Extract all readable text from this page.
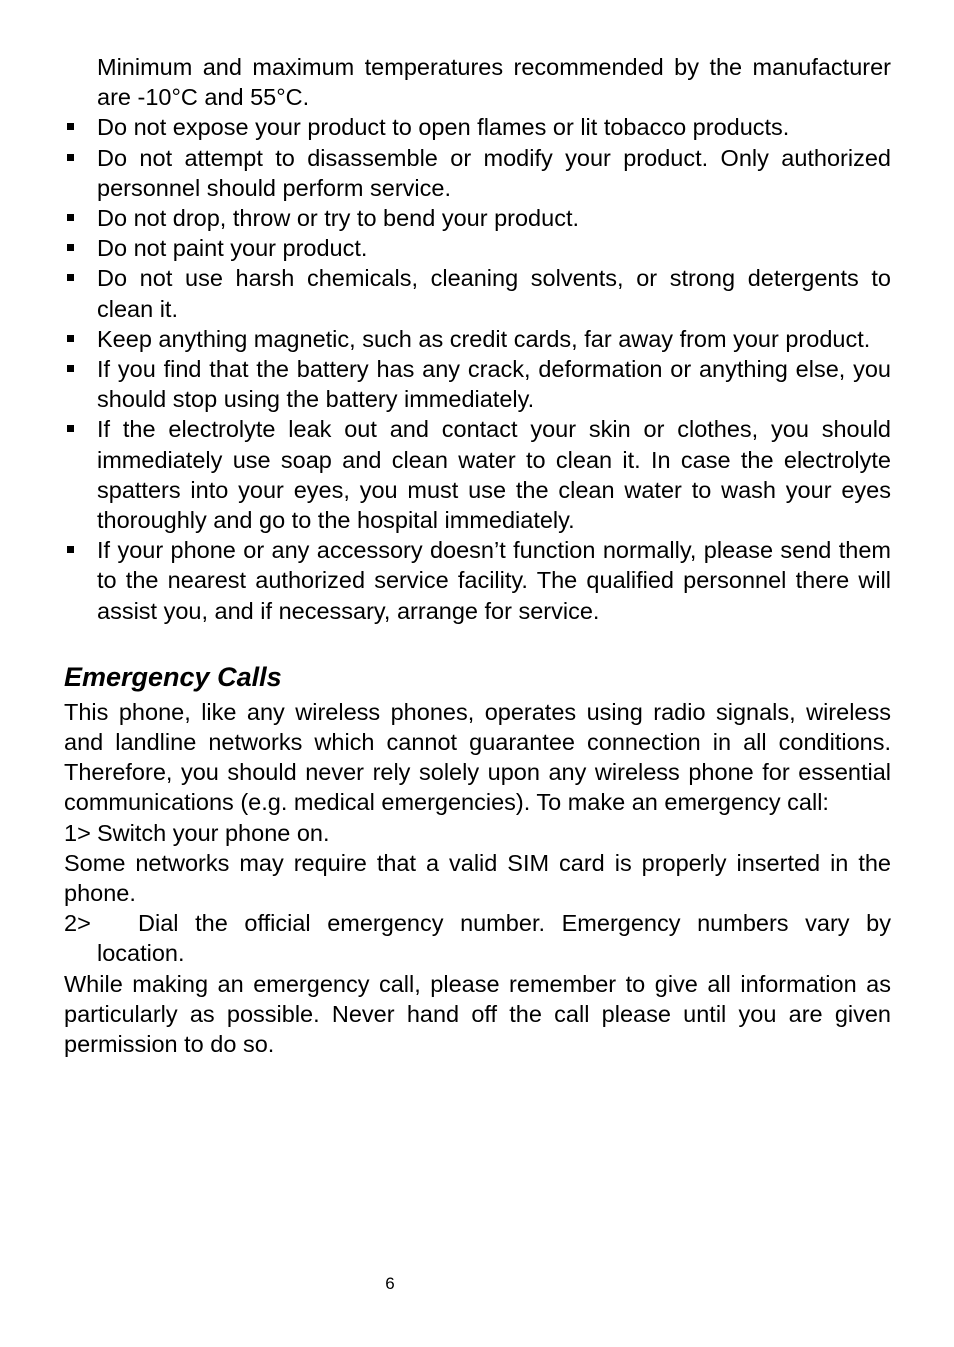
Minimum and maximum temperatures recommended by the manufacturer are -10°C and 55°C.

Do not expose your product to open flames or lit tobacco products.
Do not attempt to disassemble or modify your product. Only authorized personnel should perform service.
Do not drop, throw or try to bend your product.
Do not paint your product.
Do not use harsh chemicals, cleaning solvents, or strong detergents to clean it.
Keep anything magnetic, such as credit cards, far away from your product.
If you find that the battery has any crack, deformation or anything else, you should stop using the battery immediately.
If the electrolyte leak out and contact your skin or clothes, you should immediately use soap and clean water to clean it. In case the electrolyte spatters into your eyes, you must use the clean water to wash your eyes thoroughly and go to the hospital immediately.
If your phone or any accessory doesn’t function normally, please send them to the nearest authorized service facility. The qualified personnel there will assist you, and if necessary, arrange for service.
Emergency Calls

This phone, like any wireless phones, operates using radio signals, wireless and landline networks which cannot guarantee connection in all conditions. Therefore, you should never rely solely upon any wireless phone for essential communications (e.g. medical emergencies). To make an emergency call:

1> Switch your phone on.

Some networks may require that a valid SIM card is properly inserted in the phone.

2> Dial the official emergency number. Emergency numbers vary by location.

While making an emergency call, please remember to give all information as particularly as possible. Never hand off the call please until you are given permission to do so.

6
